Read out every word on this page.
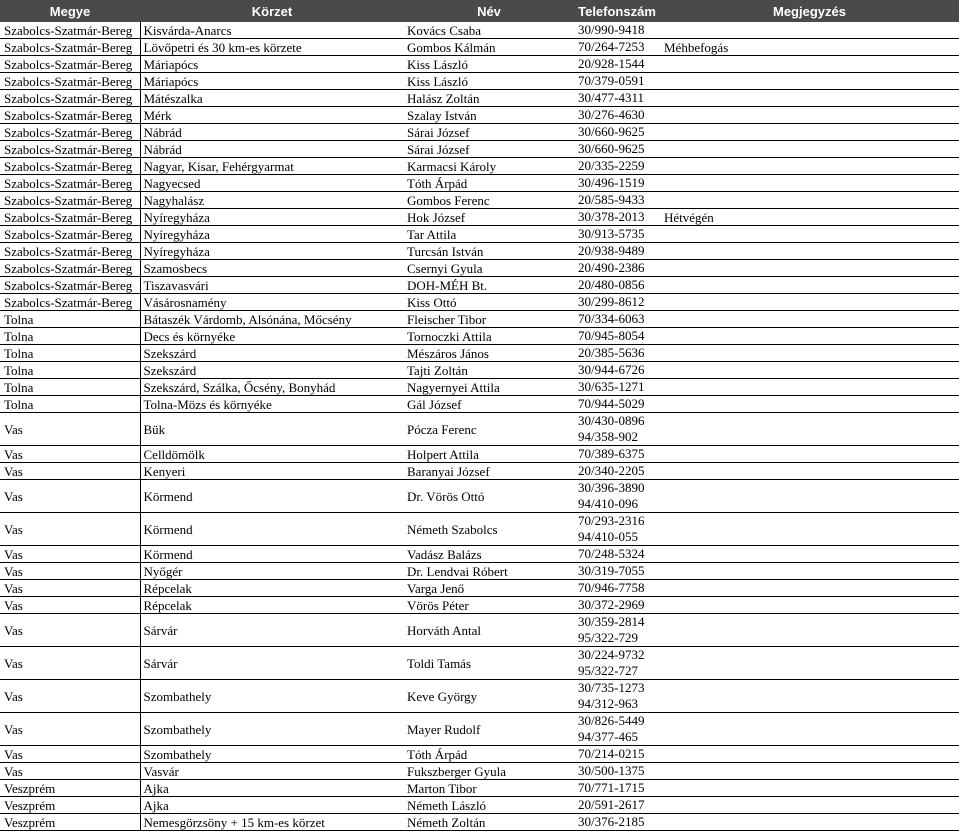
Megye	Körzet	Név	Telefonszám	Megjegyzés
Szabolcs-Szatmár-Bereg	Kisvárda-Anarcs	Kovács Csaba	30/990-9418	

Szabolcs-Szatmár-Bereg	Lövőpetri és 30 km-es körzete	Gombos Kálmán	70/264-7253	Méhbefogás
Szabolcs-Szatmár-Bereg	Máriapócs	Kiss László	20/928-1544	

Szabolcs-Szatmár-Bereg	Máriapócs	Kiss László	70/379-0591	

Szabolcs-Szatmár-Bereg	Mátészalka	Halász Zoltán	30/477-4311	

Szabolcs-Szatmár-Bereg	Mérk	Szalay István	30/276-4630	

Szabolcs-Szatmár-Bereg	Nábrád	Sárai József	30/660-9625	

Szabolcs-Szatmár-Bereg	Nábrád	Sárai József	30/660-9625	

Szabolcs-Szatmár-Bereg	Nagyar, Kisar, Fehérgyarmat	Karmacsi Károly	20/335-2259	

Szabolcs-Szatmár-Bereg	Nagyecsed	Tóth Árpád	30/496-1519	

Szabolcs-Szatmár-Bereg	Nagyhalász	Gombos Ferenc	20/585-9433	

Szabolcs-Szatmár-Bereg	Nyíregyháza	Hok József	30/378-2013	Hétvégén
Szabolcs-Szatmár-Bereg	Nyíregyháza	Tar Attila	30/913-5735	

Szabolcs-Szatmár-Bereg	Nyíregyháza	Turcsán István	20/938-9489	

Szabolcs-Szatmár-Bereg	Szamosbecs	Csernyi Gyula	20/490-2386	

Szabolcs-Szatmár-Bereg	Tiszavasvári	DOH-MÉH Bt.	20/480-0856	

Szabolcs-Szatmár-Bereg	Vásárosnamény	Kiss Ottó	30/299-8612	

Tolna	Bátaszék Várdomb, Alsónána, Mőcsény	Fleischer Tibor	70/334-6063	

Tolna	Decs és környéke	Tornoczki Attila	70/945-8054	

Tolna	Szekszárd	Mészáros János	20/385-5636	

Tolna	Szekszárd	Tajti Zoltán	30/944-6726	

Tolna	Szekszárd, Szálka, Őcsény, Bonyhád	Nagyernyei Attila	30/635-1271	

Tolna	Tolna-Mözs és környéke	Gál József	70/944-5029	

Vas	Bük	Pócza Ferenc	30/430-0896
94/358-902	

Vas	Celldömölk	Holpert Attila	70/389-6375	

Vas	Kenyeri	Baranyai József	20/340-2205	

Vas	Körmend	Dr. Vörös Ottó	30/396-3890
94/410-096	

Vas	Körmend	Németh Szabolcs	70/293-2316
94/410-055	

Vas	Körmend	Vadász Balázs	70/248-5324	

Vas	Nyőgér	Dr. Lendvai Róbert	30/319-7055	

Vas	Répcelak	Varga Jenő	70/946-7758	

Vas	Répcelak	Vörös Péter	30/372-2969	

Vas	Sárvár	Horváth Antal	30/359-2814
95/322-729	

Vas	Sárvár	Toldi Tamás	30/224-9732
95/322-727	

Vas	Szombathely	Keve György	30/735-1273
94/312-963	

Vas	Szombathely	Mayer Rudolf	30/826-5449
94/377-465	

Vas	Szombathely	Tóth Árpád	70/214-0215	

Vas	Vasvár	Fukszberger Gyula	30/500-1375	

Veszprém	Ajka	Marton Tibor	70/771-1715	

Veszprém	Ajka	Németh László	20/591-2617	

Veszprém	Nemesgörzsöny + 15 km-es körzet	Németh Zoltán	30/376-2185	
